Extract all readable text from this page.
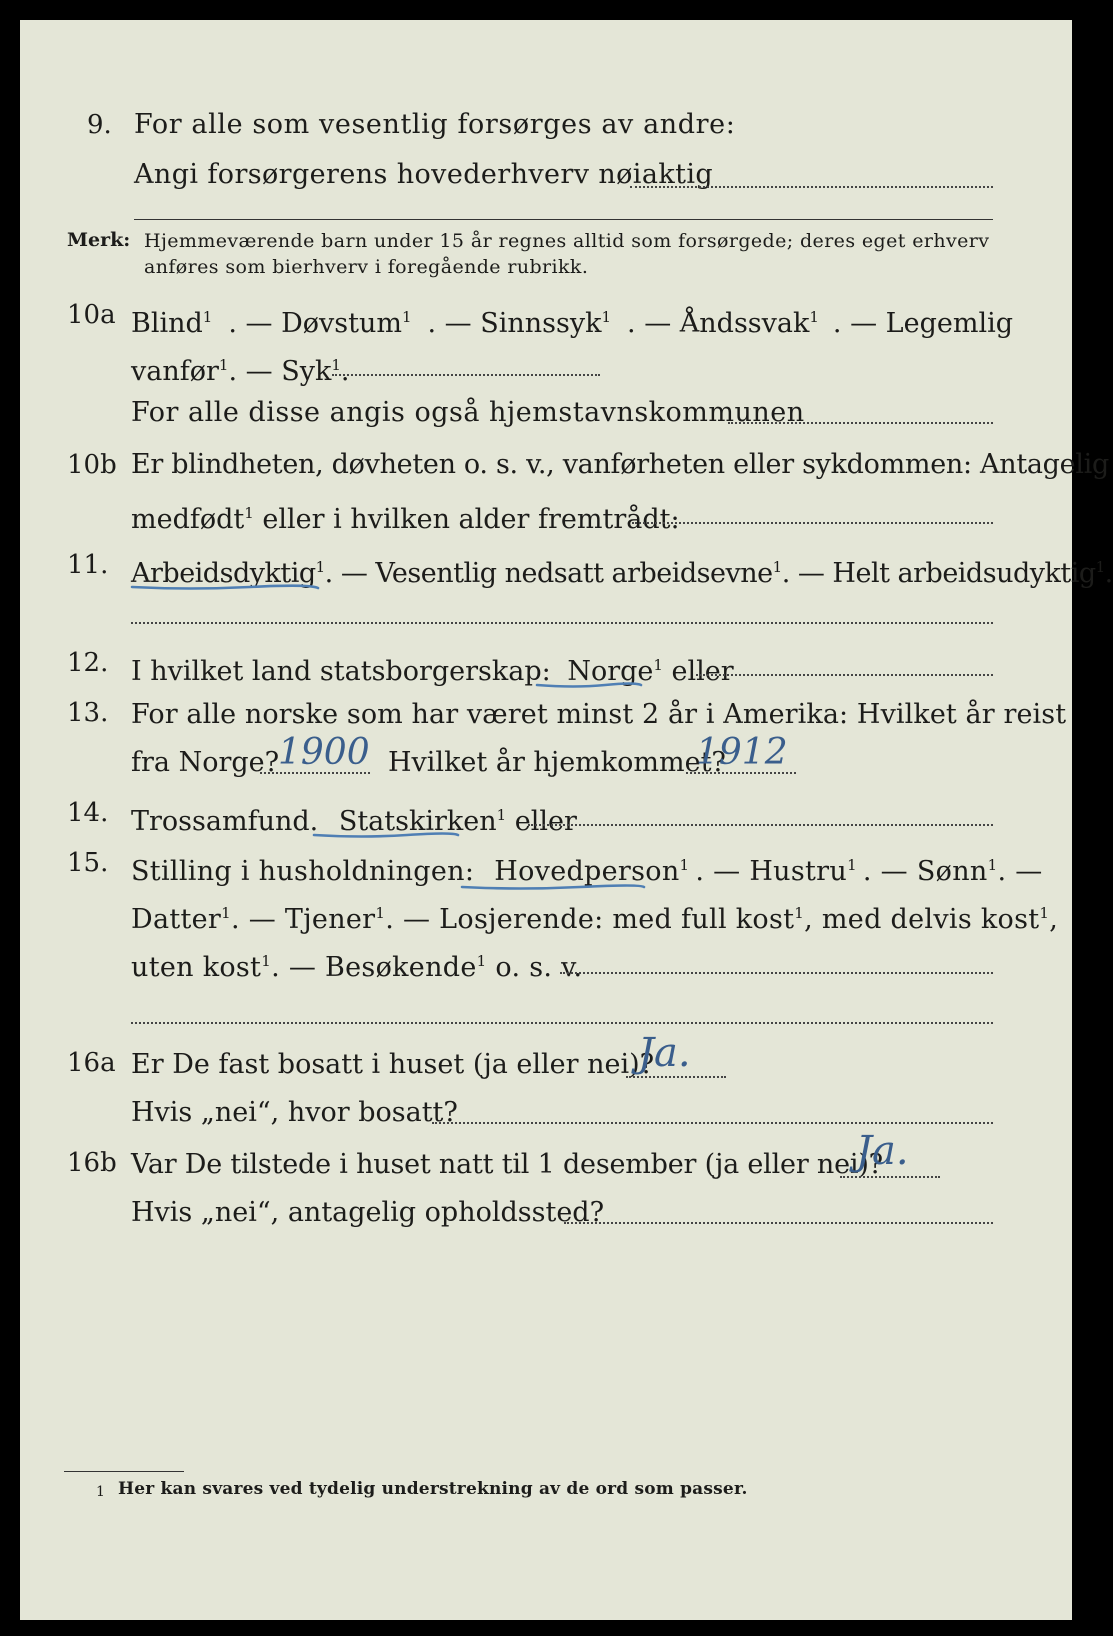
9. For alle som vesentlig forsørges av andre:
Angi forsørgerens hovederhverv nøiaktig
Merk: Hjemmeværende barn under 15 år regnes alltid som forsørgede; deres eget erhverv
anføres som bierhverv i foregående rubrikk.
10a Blind$^1$ . — Døvstum$^1$ . — Sinnssyk$^1$ . — Åndssvak$^1$ . — Legemlig
vanfør$^1$. — Syk$^1$.
For alle disse angis også hjemstavnskommunen
10b Er blindheten, døvheten o. s. v., vanførheten eller sykdommen: Antagelig
medfødt$^1$ eller i hvilken alder fremtrådt:
11. Arbeidsdyktig$^1$. — Vesentlig nedsatt arbeidsevne$^1$. — Helt arbeidsudyktig$^1$.
12. I hvilket land statsborgerskap: Norge$^1$ eller
13. For alle norske som har været minst 2 år i Amerika: Hvilket år reist
fra Norge?
1900 Hvilket år hjemkommet?
1912
14. Trossamfund. Statskirken$^1$ eller
15. Stilling i husholdningen: Hovedperson$^1$ . — Hustru$^1$ . — Sønn$^1$. —
Datter$^1$. — Tjener$^1$. — Losjerende: med full kost$^1$, med delvis kost$^1$,
uten kost$^1$. — Besøkende$^1$ o. s. v.
16a Er De fast bosatt i huset (ja eller nei)?
Ja.
Hvis „nei“, hvor bosatt?
16b Var De tilstede i huset natt til 1 desember (ja eller nei)?
Ja.
Hvis „nei“, antagelig opholdssted?
1 Her kan svares ved tydelig understrekning av de ord som passer.
